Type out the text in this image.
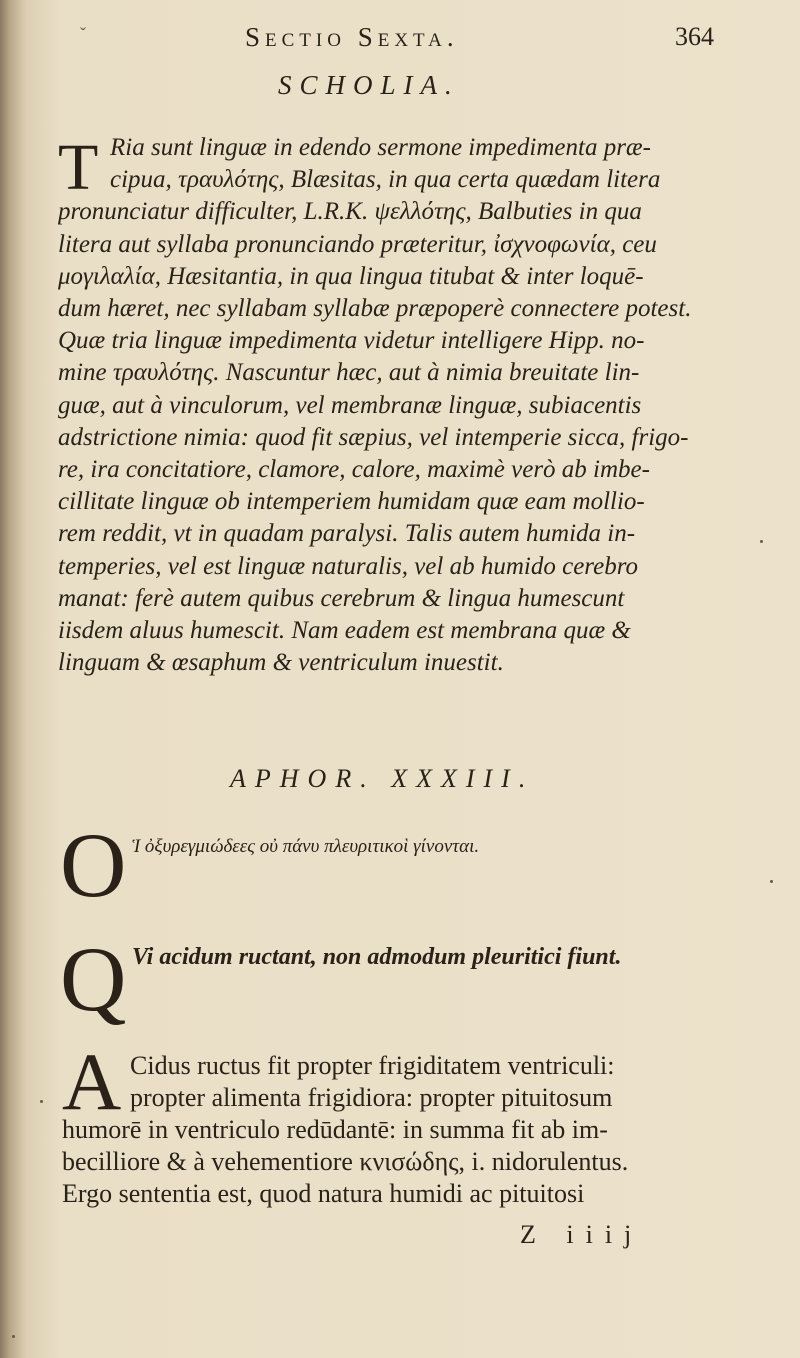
ˇ	Sectio Sexta.	364
SCHOLIA.
T Ria sunt linguæ in edendo sermone impedimenta præ-
cipua, τραυλότης, Blæsitas, in qua certa quædam litera
pronunciatur difficulter, L.R.K. ψελλότης, Balbuties in qua
litera aut syllaba pronunciando præteritur, ἰσχνοφωνία, ceu
μογιλαλία, Hæsitantia, in qua lingua titubat & inter loquē-
dum hæret, nec syllabam syllabæ præpoperè connectere potest.
Quæ tria linguæ impedimenta videtur intelligere Hipp. no-
mine τραυλότης. Nascuntur hæc, aut à nimia breuitate lin-
guæ, aut à vinculorum, vel membranæ linguæ, subiacentis
adstrictione nimia: quod fit sæpius, vel intemperie sicca, frigo-
re, ira concitatiore, clamore, calore, maximè verò ab imbe-
cillitate linguæ ob intemperiem humidam quæ eam mollio-
rem reddit, vt in quadam paralysi. Talis autem humida in-
temperies, vel est linguæ naturalis, vel ab humido cerebro
manat: ferè autem quibus cerebrum & lingua humescunt
iisdem aluus humescit. Nam eadem est membrana quæ &
linguam & œsaphum & ventriculum inuestit.
APHOR. XXXIII.
O Ἱ ὀξυρεγμιώδεες οὐ πάνυ πλευριτικοὶ γίνονται.
Q Vi acidum ructant, non admodum pleuritici fiunt.
A Cidus ructus fit propter frigiditatem ventriculi:
propter alimenta frigidiora: propter pituitosum
humorē in ventriculo redūdantē: in summa fit ab im-
becilliore & à vehementiore κνισώδης, i. nidorulentus.
Ergo sententia est, quod natura humidi ac pituitosi
Z iiij
